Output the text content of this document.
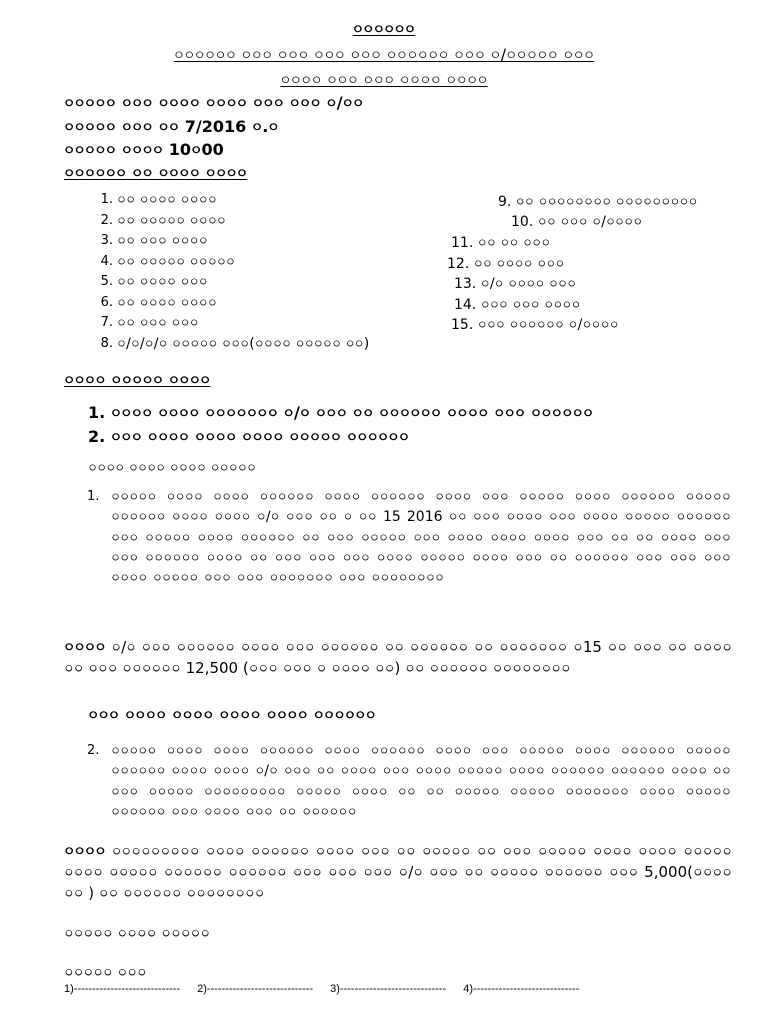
০০০০০০
০০০০০০ ০০০ ০০০ ০০০ ০০০ ০০০০০০ ০০০ ০/০০০০০ ০০০
০০০০ ০০০ ০০০ ০০০০ ০০০০
০০০০০ ০০০ ০০০০ ০০০০ ০০০ ০০০ ০/০০
০০০০০ ০০০ ০০ 7/2016 ০.০
০০০০০ ০০০০ 10০00
০০০০০০ ০০ ০০০০ ০০০০
1. ০০ ০০০০ ০০০০
2. ০০ ০০০০০ ০০০০
3. ০০ ০০০ ০০০০
4. ০০ ০০০০০ ০০০০০
5. ০০ ০০০০ ০০০
6. ০০ ০০০০ ০০০০
7. ০০ ০০০ ০০০
8. ০/০/০/০ ০০০০০ ০০০(০০০০ ০০০০০ ০০)
9. ০০ ০০০০০০০০ ০০০০০০০০০
10. ০০ ০০০ ০/০০০০
11. ০০ ০০ ০০০
12. ০০ ০০০০ ০০০
13. ০/০ ০০০০ ০০০
14. ০০০ ০০০ ০০০০
15. ০০০ ০০০০০০ ০/০০০০
০০০০ ০০০০০ ০০০০
1. ০০০০ ০০০০ ০০০০০০০ ০/০ ০০০ ০০ ০০০০০০ ০০০০ ০০০ ০০০০০০
2. ০০০ ০০০০ ০০০০ ০০০০ ০০০০০ ০০০০০০
০০০০ ০০০০ ০০০০ ০০০০০
1. ০০০০০ ০০০০ ০০০০ ০০০০০০ ০০০০ ০০০০০০ ০০০০ ০০০ ০০০০০ ০০০০ ০০০০০০ ০০০০০ ০০০০০০ ০০০০ ০০০০ ০/০ ০০০ ০০ ০ ০০ 15 2016 ০০ ০০০ ০০০০ ০০০ ০০০০ ০০০০০ ০০০০০০ ০০০ ০০০০০ ০০০০ ০০০০০০ ০০ ০০০ ০০০০০ ০০০ ০০০০ ০০০০ ০০০০ ০০০ ০০ ০০ ০০০০ ০০০ ০০০ ০০০০০০ ০০০০ ০০ ০০০ ০০০ ০০০ ০০০০ ০০০০০ ০০০০ ০০০ ০০ ০০০০০০ ০০০ ০০০ ০০০ ০০০০ ০০০০০ ০০০ ০০০ ০০০০০০০ ০০০ ০০০০০০০০
০০০০ ০/০ ০০০ ০০০০০০ ০০০০ ০০০ ০০০০০০ ০০ ০০০০০০ ০০ ০০০০০০০ ০15 ০০ ০০০ ০০ ০০০০ ০০ ০০০ ০০০০০০ 12,500 (০০০ ০০০ ০ ০০০০ ০০) ০০ ০০০০০০ ০০০০০০০০
০০০ ০০০০ ০০০০ ০০০০ ০০০০ ০০০০০০
2. ০০০০০ ০০০০ ০০০০ ০০০০০০ ০০০০ ০০০০০০ ০০০০ ০০০ ০০০০০ ০০০০ ০০০০০০ ০০০০০ ০০০০০০ ০০০০ ০০০০ ০/০ ০০০ ০০ ০০০০ ০০০ ০০০০ ০০০০০ ০০০০ ০০০০০০ ০০০০০০ ০০০০ ০০ ০০০ ০০০০০ ০০০০০০০০০ ০০০০০ ০০০০ ০০ ০০ ০০০০০ ০০০০০ ০০০০০০০ ০০০০ ০০০০০ ০০০০০০ ০০০ ০০০০ ০০০ ০০ ০০০০০০
০০০০ ০০০০০০০০০ ০০০০ ০০০০০০ ০০০০ ০০০ ০০ ০০০০০ ০০ ০০০ ০০০০০ ০০০০ ০০০০ ০০০০০ ০০০০ ০০০০০ ০০০০০০ ০০০০০০ ০০০ ০০০ ০০০ ০/০ ০০০ ০০ ০০০০০ ০০০০০০ ০০০ 5,000(০০০০ ০০ ) ০০ ০০০০০০ ০০০০০০০০
০০০০০ ০০০০ ০০০০০
০০০০০ ০০০
1)----------------------------- 2)----------------------------- 3)----------------------------- 4)-----------------------------
